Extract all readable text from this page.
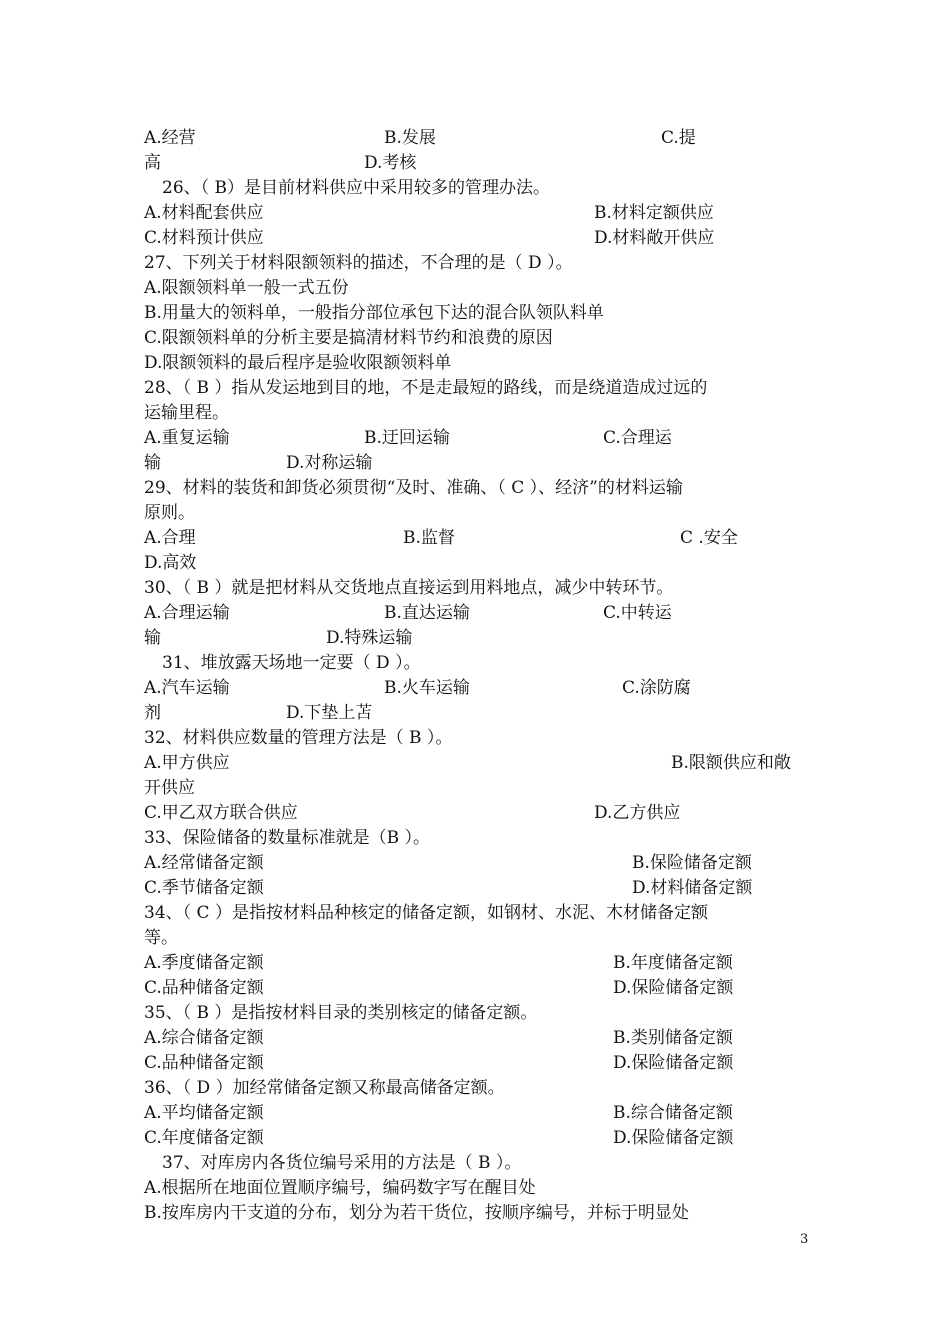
A.经营	B.发展	C.提
高	D.考核
26、（ B）是目前材料供应中采用较多的管理办法。
A.材料配套供应	B.材料定额供应
C.材料预计供应	D.材料敞开供应
27、下列关于材料限额领料的描述，不合理的是（ D ）。
A.限额领料单一般一式五份
B.用量大的领料单，一般指分部位承包下达的混合队领队料单
C.限额领料单的分析主要是搞清材料节约和浪费的原因
D.限额领料的最后程序是验收限额领料单
28、（ B ）指从发运地到目的地，不是走最短的路线，而是绕道造成过远的
运输里程。
A.重复运输	B.迂回运输	C.合理运
输	D.对称运输
29、材料的装货和卸货必须贯彻“及时、准确、（ C ）、经济”的材料运输
原则。
A.合理	B.监督	C .安全
D.高效
30、（ B ）就是把材料从交货地点直接运到用料地点，减少中转环节。
A.合理运输	B.直达运输	C.中转运
输	D.特殊运输
31、堆放露天场地一定要（ D ）。
A.汽车运输	B.火车运输	C.涂防腐
剂	D.下垫上苫
32、材料供应数量的管理方法是（ B ）。
A.甲方供应	B.限额供应和敞
开供应
C.甲乙双方联合供应	D.乙方供应
33、保险储备的数量标准就是（B ）。
A.经常储备定额	B.保险储备定额
C.季节储备定额	D.材料储备定额
34、（ C ）是指按材料品种核定的储备定额，如钢材、水泥、木材储备定额
等。
A.季度储备定额	B.年度储备定额
C.品种储备定额	D.保险储备定额
35、（ B ）是指按材料目录的类别核定的储备定额。
A.综合储备定额	B.类别储备定额
C.品种储备定额	D.保险储备定额
36、（ D ）加经常储备定额又称最高储备定额。
A.平均储备定额	B.综合储备定额
C.年度储备定额	D.保险储备定额
37、对库房内各货位编号采用的方法是（ B ）。
A.根据所在地面位置顺序编号，编码数字写在醒目处
B.按库房内干支道的分布，划分为若干货位，按顺序编号，并标于明显处
3
